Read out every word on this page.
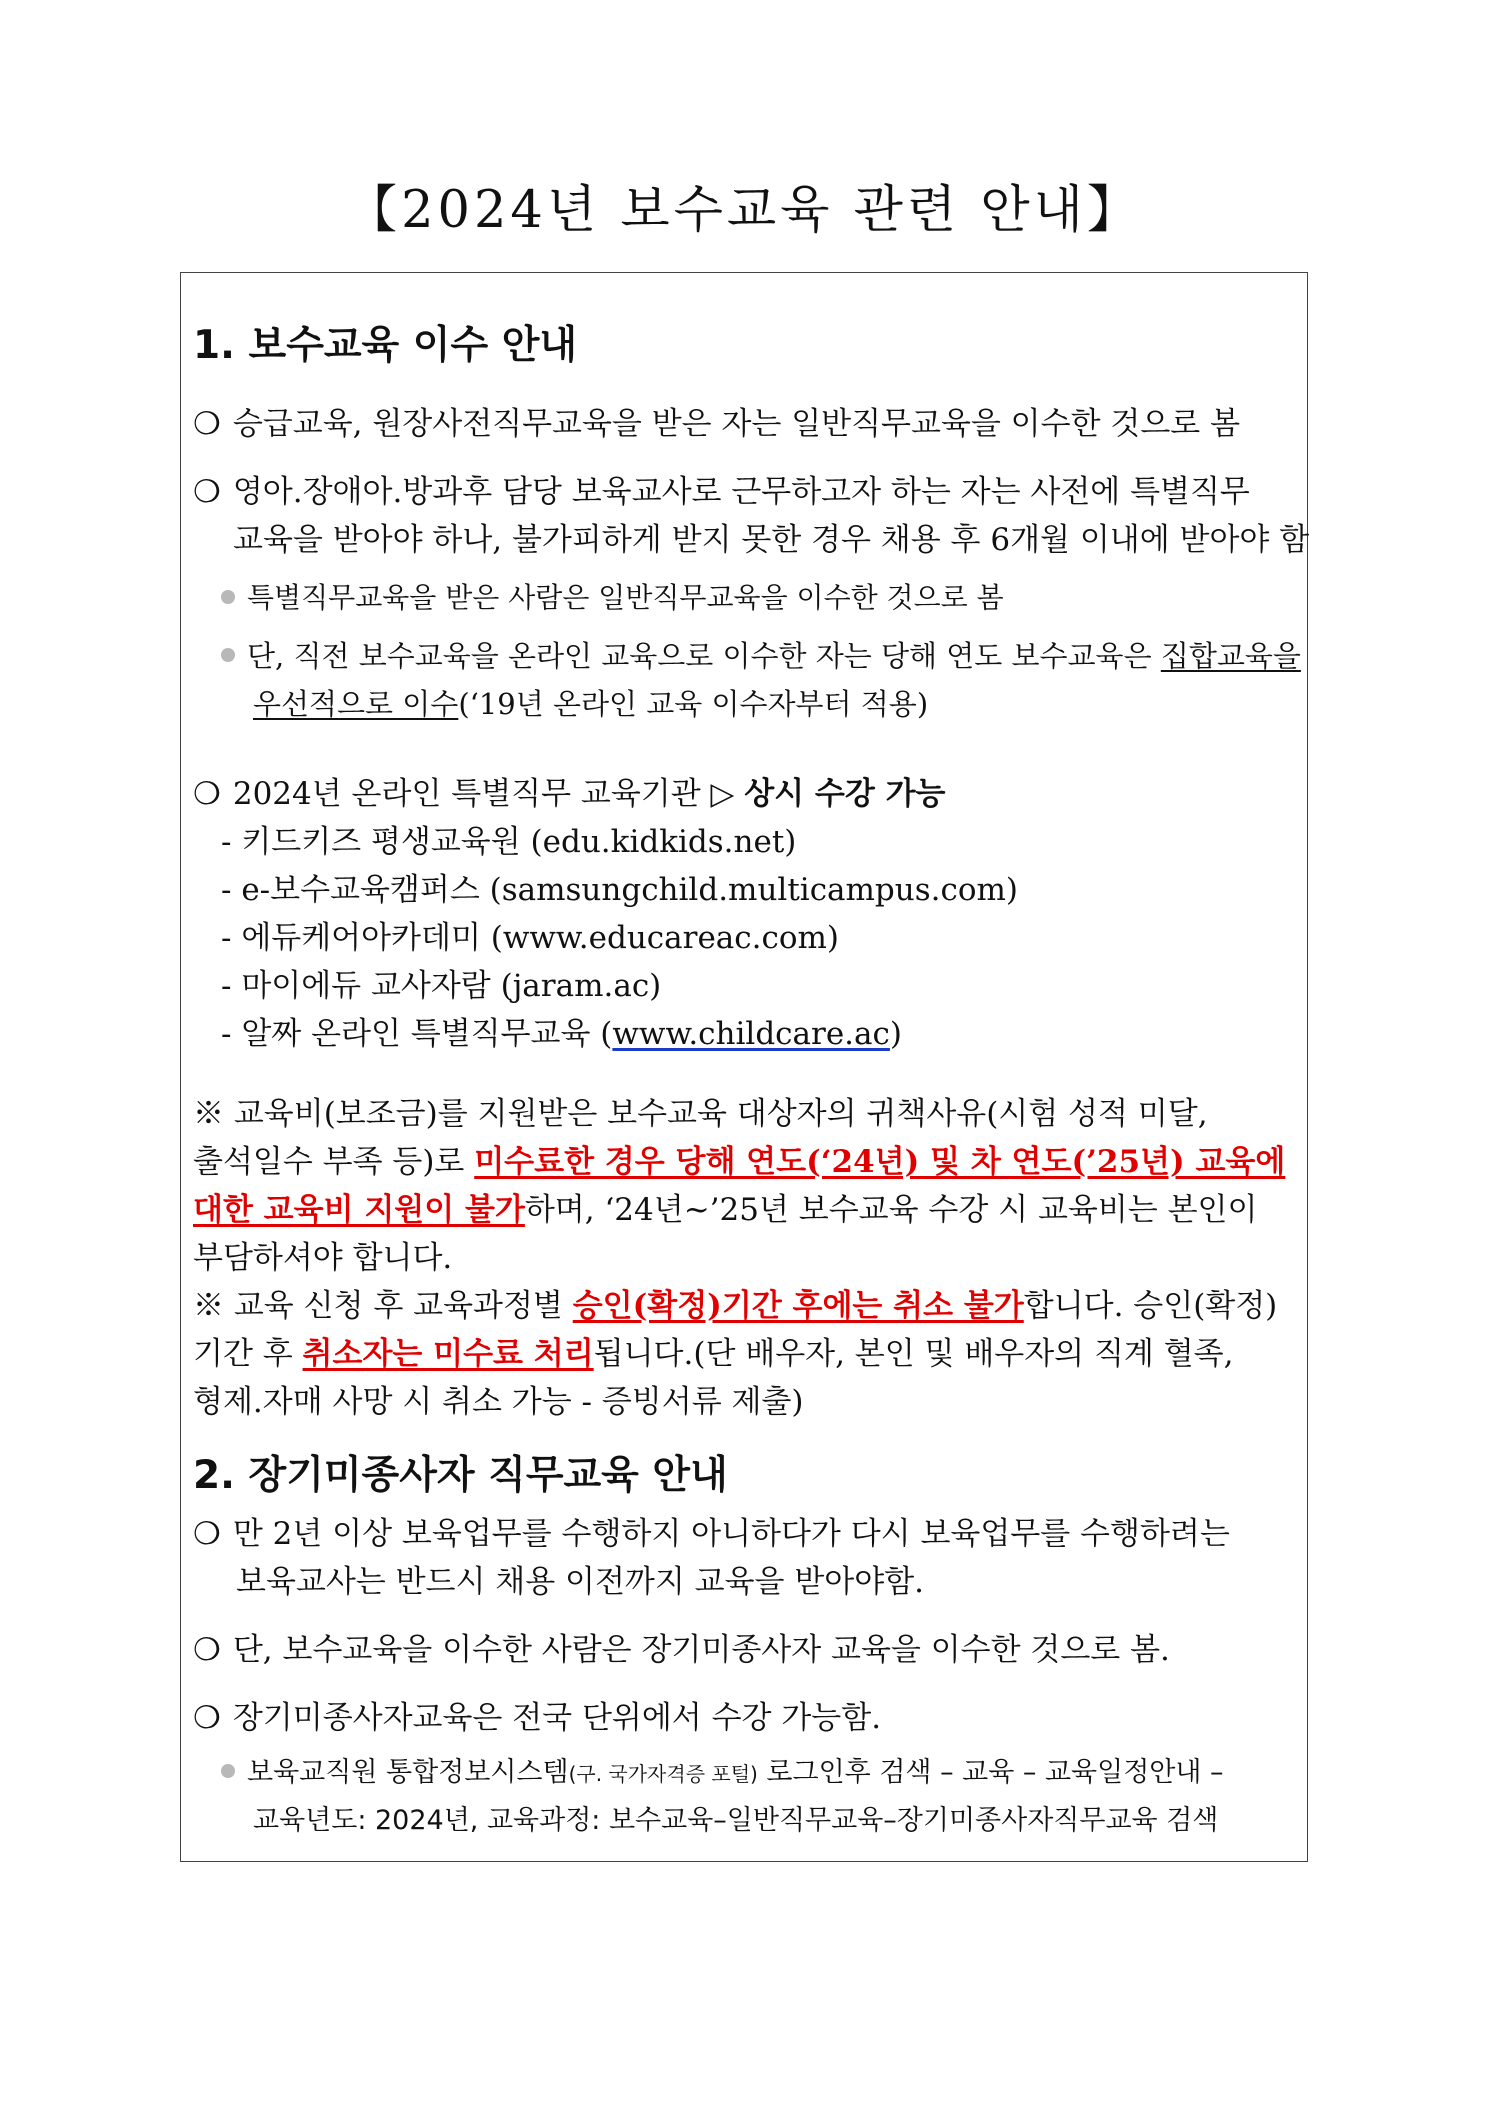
【2024년 보수교육 관련 안내】
1. 보수교육 이수 안내
❍ 승급교육, 원장사전직무교육을 받은 자는 일반직무교육을 이수한 것으로 봄
❍ 영아.장애아.방과후 담당 보육교사로 근무하고자 하는 자는 사전에 특별직무
교육을 받아야 하나, 불가피하게 받지 못한 경우 채용 후 6개월 이내에 받아야 함
특별직무교육을 받은 사람은 일반직무교육을 이수한 것으로 봄
단, 직전 보수교육을 온라인 교육으로 이수한 자는 당해 연도 보수교육은 집합교육을
우선적으로 이수(‘19년 온라인 교육 이수자부터 적용)
❍ 2024년 온라인 특별직무 교육기관 ▷ 상시 수강 가능
- 키드키즈 평생교육원 (edu.kidkids.net)
- e-보수교육캠퍼스 (samsungchild.multicampus.com)
- 에듀케어아카데미 (www.educareac.com)
- 마이에듀 교사자람 (jaram.ac)
- 알짜 온라인 특별직무교육 (www.childcare.ac)
※ 교육비(보조금)를 지원받은 보수교육 대상자의 귀책사유(시험 성적 미달,
출석일수 부족 등)로 미수료한 경우 당해 연도(‘24년) 및 차 연도(’25년) 교육에
대한 교육비 지원이 불가하며, ‘24년~’25년 보수교육 수강 시 교육비는 본인이
부담하셔야 합니다.
※ 교육 신청 후 교육과정별 승인(확정)기간 후에는 취소 불가합니다. 승인(확정)
기간 후 취소자는 미수료 처리됩니다.(단 배우자, 본인 및 배우자의 직계 혈족,
형제.자매 사망 시 취소 가능 - 증빙서류 제출)
2. 장기미종사자 직무교육 안내
❍ 만 2년 이상 보육업무를 수행하지 아니하다가 다시 보육업무를 수행하려는
보육교사는 반드시 채용 이전까지 교육을 받아야함.
❍ 단, 보수교육을 이수한 사람은 장기미종사자 교육을 이수한 것으로 봄.
❍ 장기미종사자교육은 전국 단위에서 수강 가능함.
보육교직원 통합정보시스템(구. 국가자격증 포털) 로그인후 검색 – 교육 – 교육일정안내 –
교육년도: 2024년, 교육과정: 보수교육–일반직무교육–장기미종사자직무교육 검색
